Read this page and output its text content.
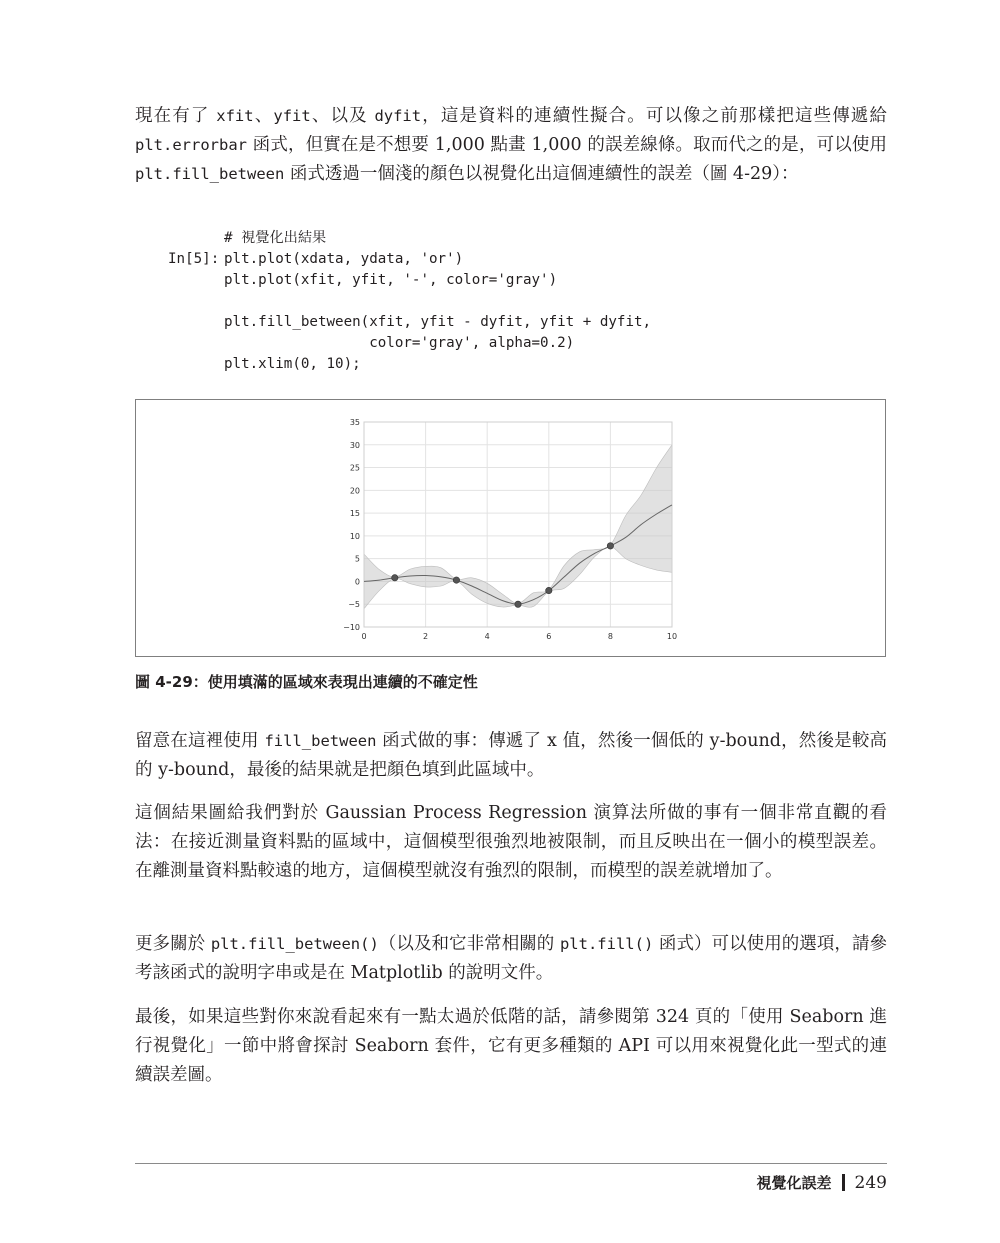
現在有了 xfit、yfit、以及 dyfit，這是資料的連續性擬合。可以像之前那樣把這些傳遞給 plt.errorbar 函式，但實在是不想要 1,000 點畫 1,000 的誤差線條。取而代之的是，可以使用 plt.fill_between 函式透過一個淺的顏色以視覺化出這個連續性的誤差（圖 4-29）：

In[5]:

# 視覺化出結果
plt.plot(xdata, ydata, 'or')
plt.plot(xfit, yfit, '-', color='gray')

plt.fill_between(xfit, yfit - dyfit, yfit + dyfit,
color='gray', alpha=0.2)
plt.xlim(0, 10);

0	2	4	6	8	10
−10
−5
0
5
10
15
20
25
30
35

圖 4-29：使用填滿的區域來表現出連續的不確定性

留意在這裡使用 fill_between 函式做的事：傳遞了 x 值，然後一個低的 y-bound，然後是較高的 y-bound，最後的結果就是把顏色填到此區域中。

這個結果圖給我們對於 Gaussian Process Regression 演算法所做的事有一個非常直觀的看法：在接近測量資料點的區域中，這個模型很強烈地被限制，而且反映出在一個小的模型誤差。在離測量資料點較遠的地方，這個模型就沒有強烈的限制，而模型的誤差就增加了。

更多關於 plt.fill_between()（以及和它非常相關的 plt.fill() 函式）可以使用的選項，請參考該函式的說明字串或是在 Matplotlib 的說明文件。

最後，如果這些對你來說看起來有一點太過於低階的話，請參閱第 324 頁的「使用 Seaborn 進行視覺化」一節中將會探討 Seaborn 套件，它有更多種類的 API 可以用來視覺化此一型式的連續誤差圖。

視覺化誤差 249
